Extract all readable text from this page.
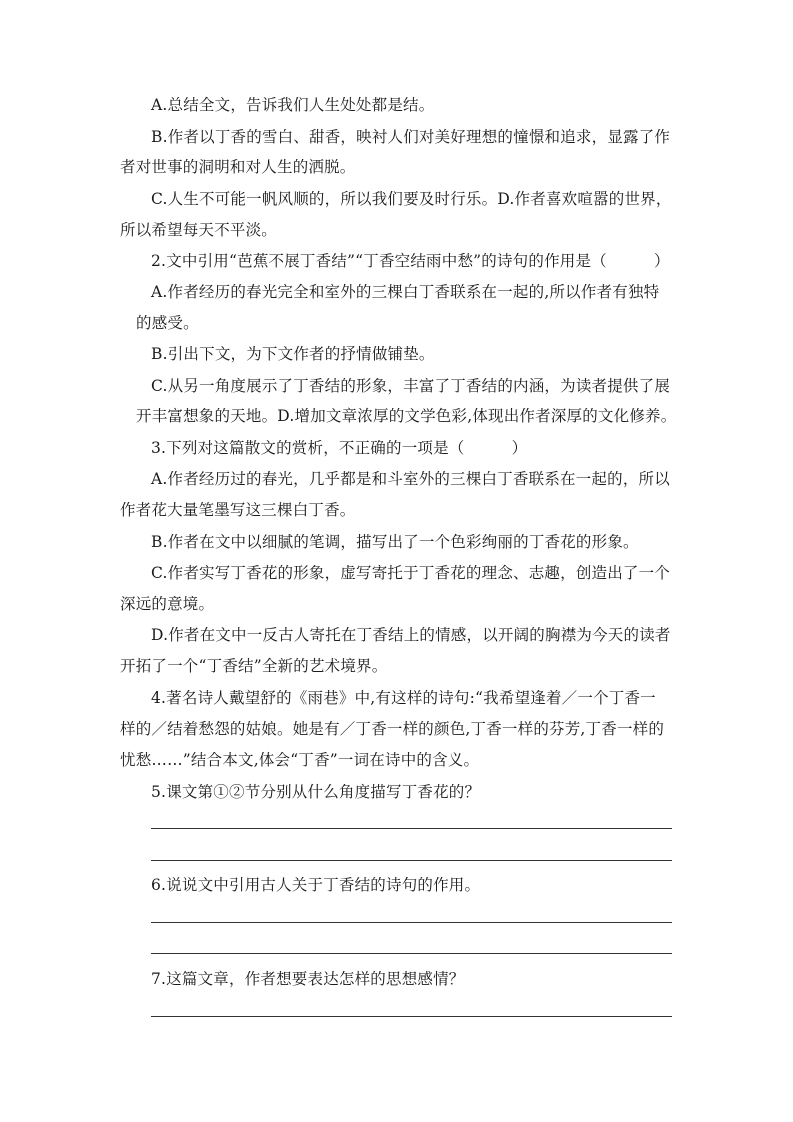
A.总结全文，告诉我们人生处处都是结。
B.作者以丁香的雪白、甜香，映衬人们对美好理想的憧憬和追求，显露了作
者对世事的洞明和对人生的洒脱。
C.人生不可能一帆风顺的，所以我们要及时行乐。D.作者喜欢喧嚣的世界，
所以希望每天不平淡。
2.文中引用“芭蕉不展丁香结”“丁香空结雨中愁”的诗句的作用是（　　　）
A.作者经历的春光完全和室外的三棵白丁香联系在一起的,所以作者有独特
的感受。
B.引出下文，为下文作者的抒情做铺垫。
C.从另一角度展示了丁香结的形象，丰富了丁香结的内涵，为读者提供了展
开丰富想象的天地。D.增加文章浓厚的文学色彩,体现出作者深厚的文化修养。
3.下列对这篇散文的赏析，不正确的一项是（　　　）
A.作者经历过的春光，几乎都是和斗室外的三棵白丁香联系在一起的，所以
作者花大量笔墨写这三棵白丁香。
B.作者在文中以细腻的笔调，描写出了一个色彩绚丽的丁香花的形象。
C.作者实写丁香花的形象，虚写寄托于丁香花的理念、志趣，创造出了一个
深远的意境。
D.作者在文中一反古人寄托在丁香结上的情感，以开阔的胸襟为今天的读者
开拓了一个“丁香结”全新的艺术境界。
4.著名诗人戴望舒的《雨巷》中,有这样的诗句:“我希望逢着／一个丁香一
样的／结着愁怨的姑娘。她是有／丁香一样的颜色,丁香一样的芬芳,丁香一样的
忧愁……”结合本文,体会“丁香”一词在诗中的含义。
5.课文第①②节分别从什么角度描写丁香花的？
6.说说文中引用古人关于丁香结的诗句的作用。
7.这篇文章，作者想要表达怎样的思想感情？
